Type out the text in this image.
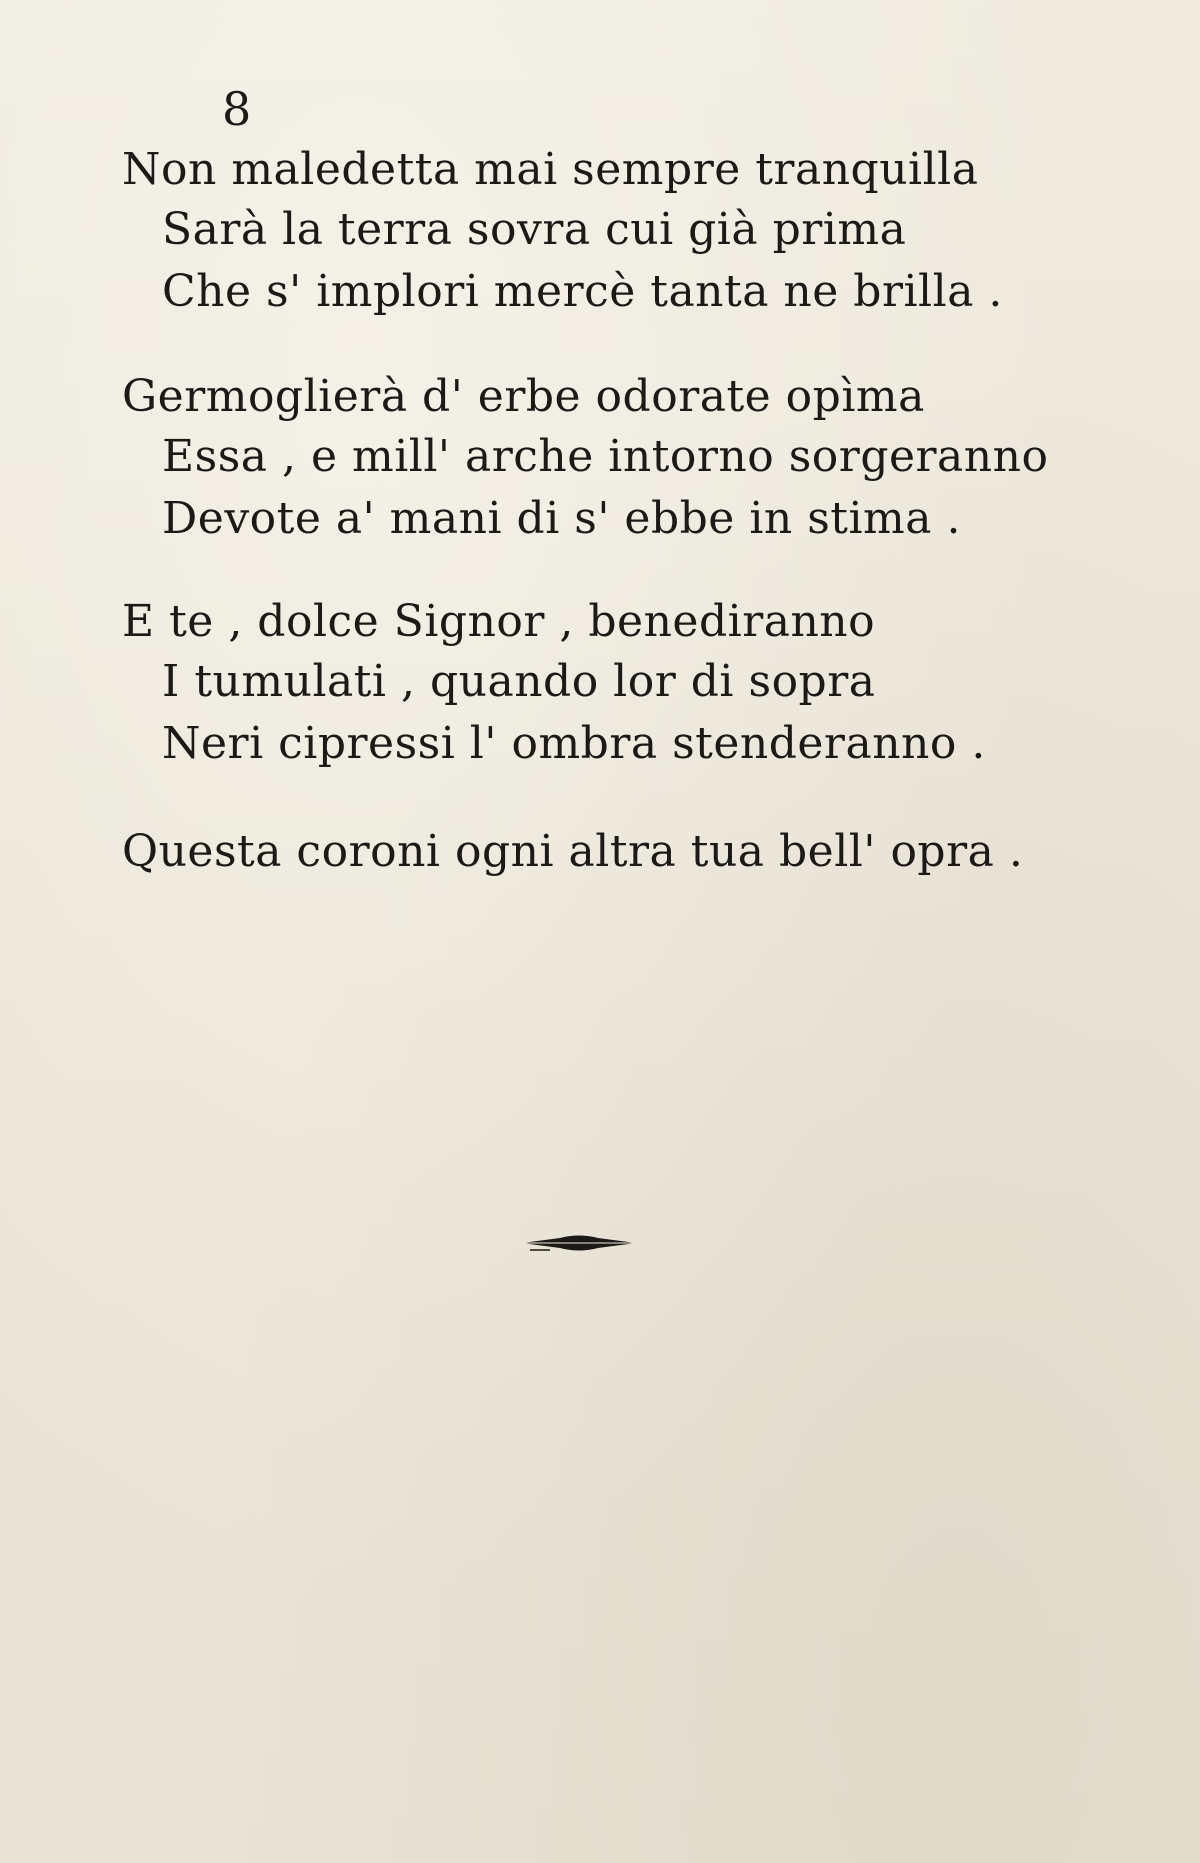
8
Non maledetta mai sempre tranquilla
Sarà la terra sovra cui già prima
Che s' implori mercè tanta ne brilla .
Germoglierà d' erbe odorate opìma
Essa , e mill' arche intorno sorgeranno
Devote a' mani di s' ebbe in stima .
E te , dolce Signor , benediranno
I tumulati , quando lor di sopra
Neri cipressi l' ombra stenderanno .
Questa coroni ogni altra tua bell' opra .
